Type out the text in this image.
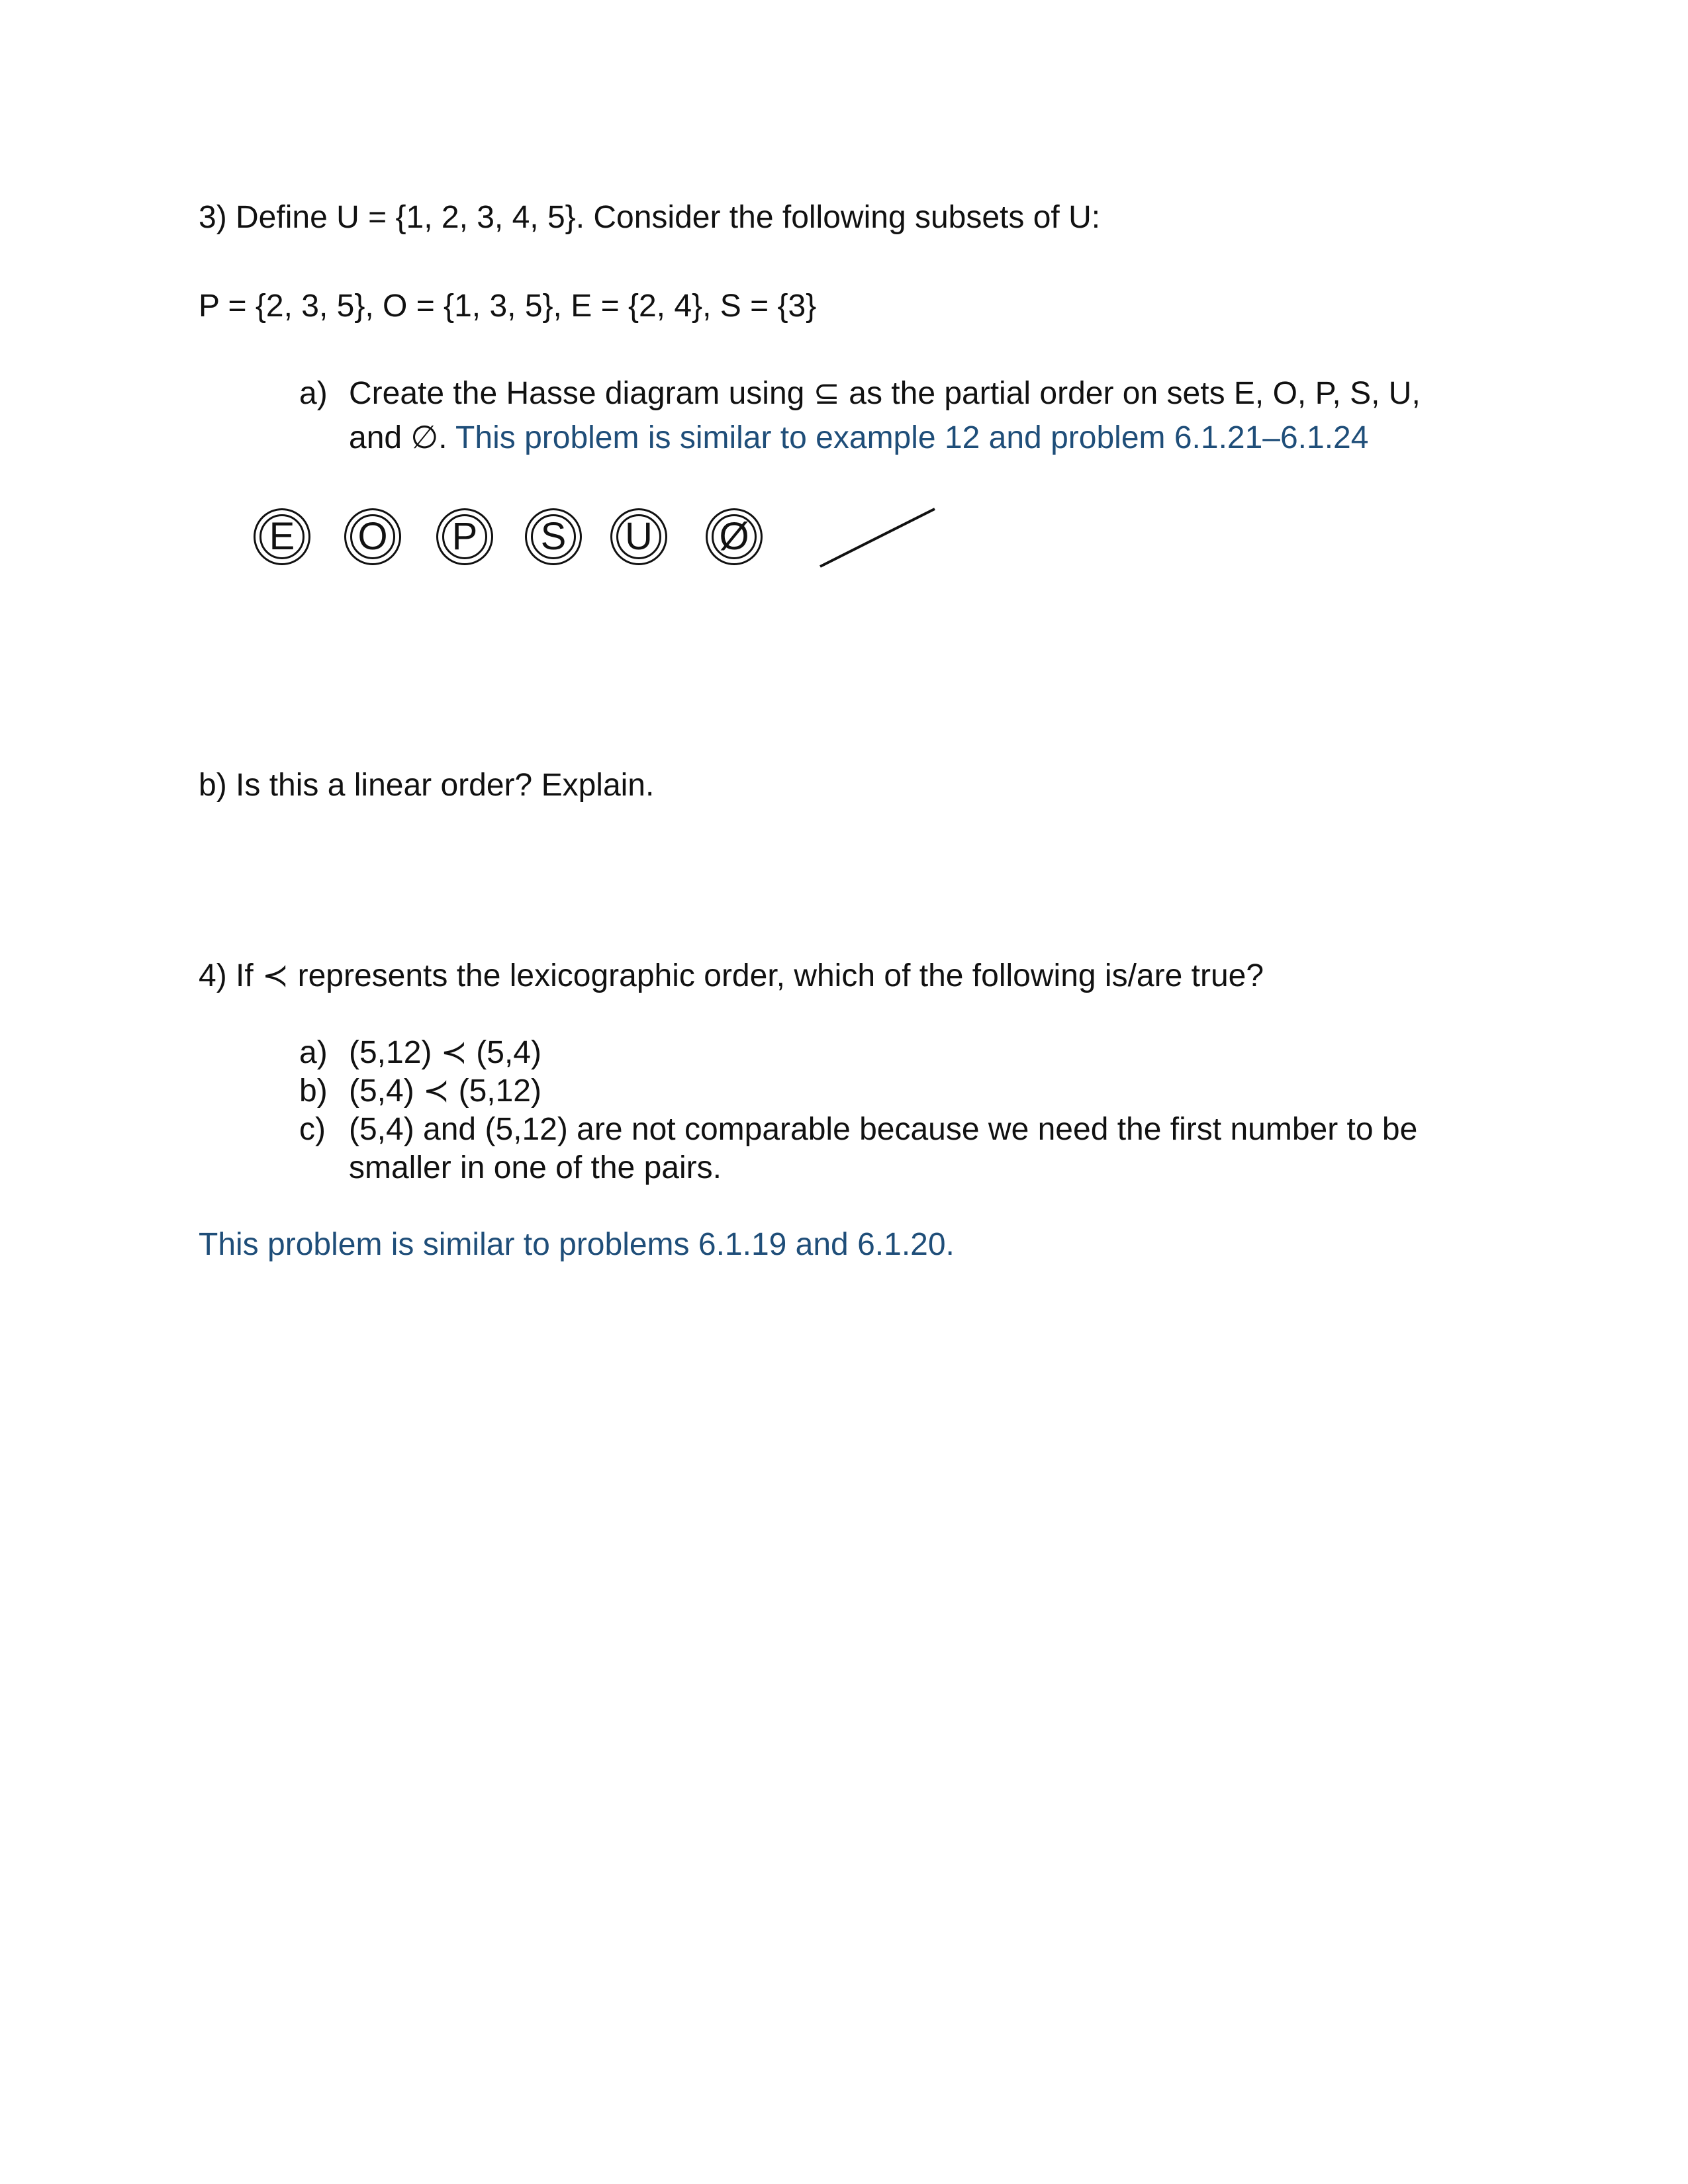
3) Define U = {1, 2, 3, 4, 5}. Consider the following subsets of U:
P = {2, 3, 5}, O = {1, 3, 5}, E = {2, 4}, S = {3}
a) Create the Hasse diagram using ⊆ as the partial order on sets E, O, P, S, U,
and ∅. This problem is similar to example 12 and problem 6.1.21–6.1.24
E O P S U Ø
b) Is this a linear order? Explain.
4) If ≺ represents the lexicographic order, which of the following is/are true?
a) (5,12) ≺ (5,4)
b) (5,4) ≺ (5,12)
c) (5,4) and (5,12) are not comparable because we need the first number to be
smaller in one of the pairs.
This problem is similar to problems 6.1.19 and 6.1.20.
